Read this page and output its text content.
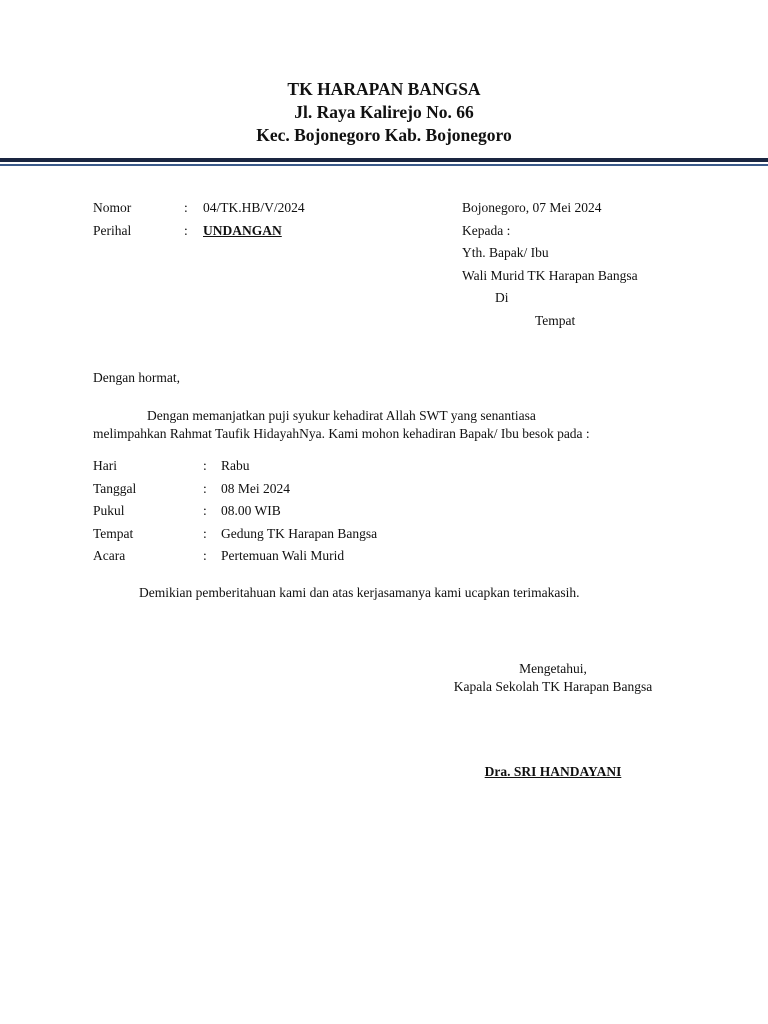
TK HARAPAN BANGSA
Jl. Raya Kalirejo No. 66
Kec. Bojonegoro Kab. Bojonegoro
Nomor	: 04/TK.HB/V/2024
Perihal	: UNDANGAN
Bojonegoro, 07 Mei 2024
Kepada :
Yth. Bapak/ Ibu
Wali Murid TK Harapan Bangsa
Di
Tempat
Dengan hormat,
Dengan memanjatkan puji syukur kehadirat Allah SWT yang senantiasa
melimpahkan Rahmat Taufik HidayahNya. Kami mohon kehadiran Bapak/ Ibu besok pada :
Hari	: Rabu
Tanggal	: 08 Mei 2024
Pukul	: 08.00 WIB
Tempat	: Gedung TK Harapan Bangsa
Acara	: Pertemuan Wali Murid
Demikian pemberitahuan kami dan atas kerjasamanya kami ucapkan terimakasih.
Mengetahui,
Kapala Sekolah TK Harapan Bangsa
Dra. SRI HANDAYANI
